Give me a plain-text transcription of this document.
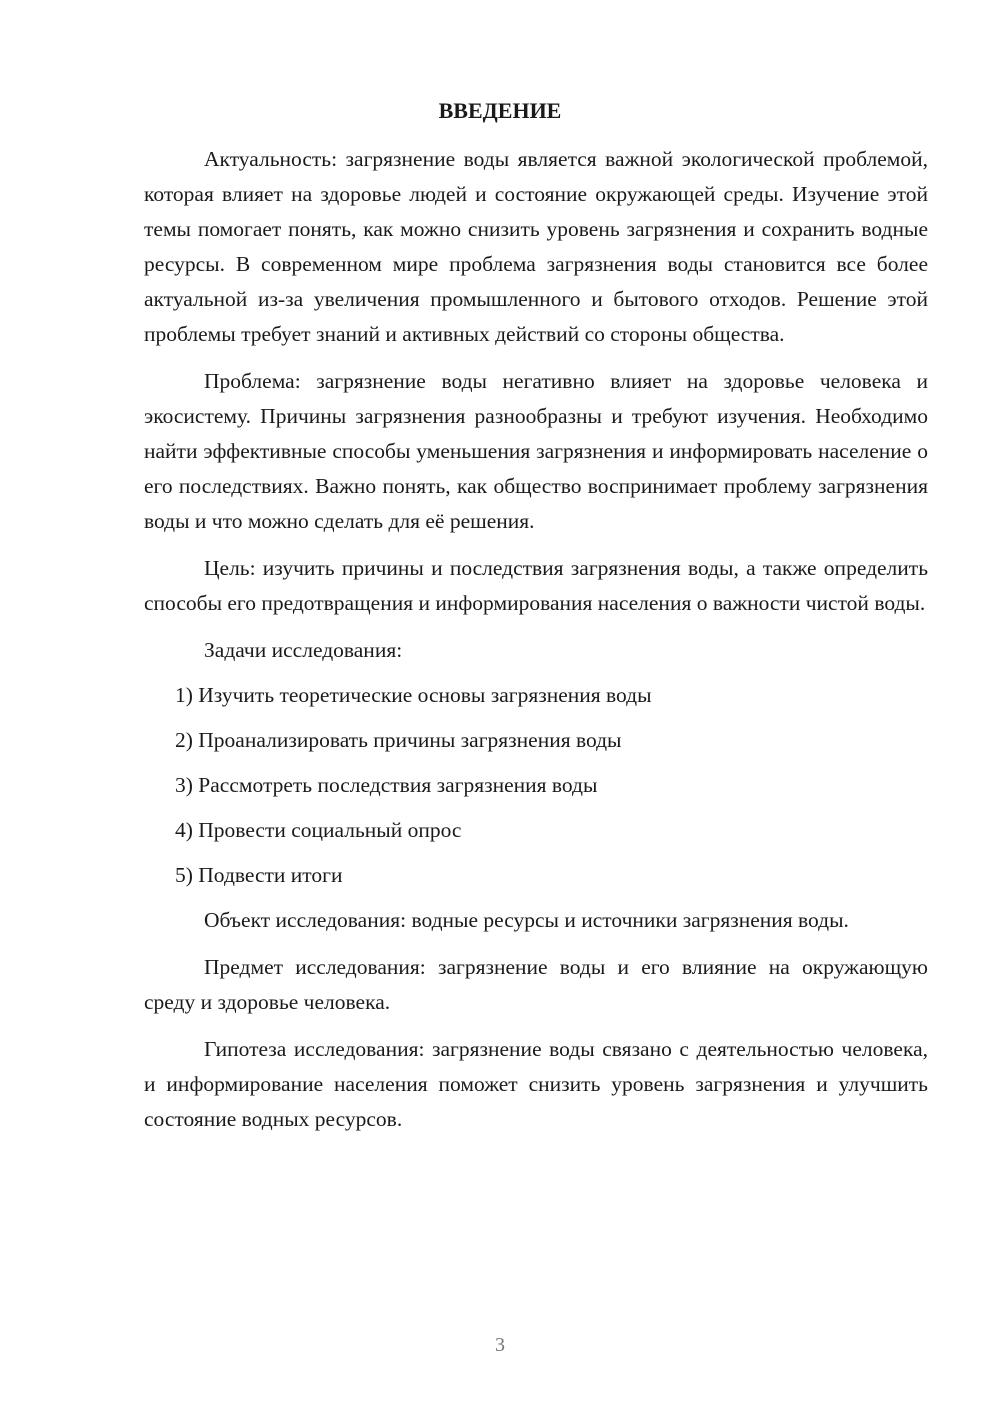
ВВЕДЕНИЕ

Актуальность: загрязнение воды является важной экологической проблемой, которая влияет на здоровье людей и состояние окружающей среды. Изучение этой темы помогает понять, как можно снизить уровень загрязнения и сохранить водные ресурсы. В современном мире проблема загрязнения воды становится все более актуальной из-за увеличения промышленного и бытового отходов. Решение этой проблемы требует знаний и активных действий со стороны общества.

Проблема: загрязнение воды негативно влияет на здоровье человека и экосистему. Причины загрязнения разнообразны и требуют изучения. Необходимо найти эффективные способы уменьшения загрязнения и информировать население о его последствиях. Важно понять, как общество воспринимает проблему загрязнения воды и что можно сделать для её решения.

Цель: изучить причины и последствия загрязнения воды, а также определить способы его предотвращения и информирования населения о важности чистой воды.

Задачи исследования:

1) Изучить теоретические основы загрязнения воды
2) Проанализировать причины загрязнения воды
3) Рассмотреть последствия загрязнения воды
4) Провести социальный опрос
5) Подвести итоги

Объект исследования: водные ресурсы и источники загрязнения воды.

Предмет исследования: загрязнение воды и его влияние на окружающую среду и здоровье человека.

Гипотеза исследования: загрязнение воды связано с деятельностью человека, и информирование населения поможет снизить уровень загрязнения и улучшить состояние водных ресурсов.

3
